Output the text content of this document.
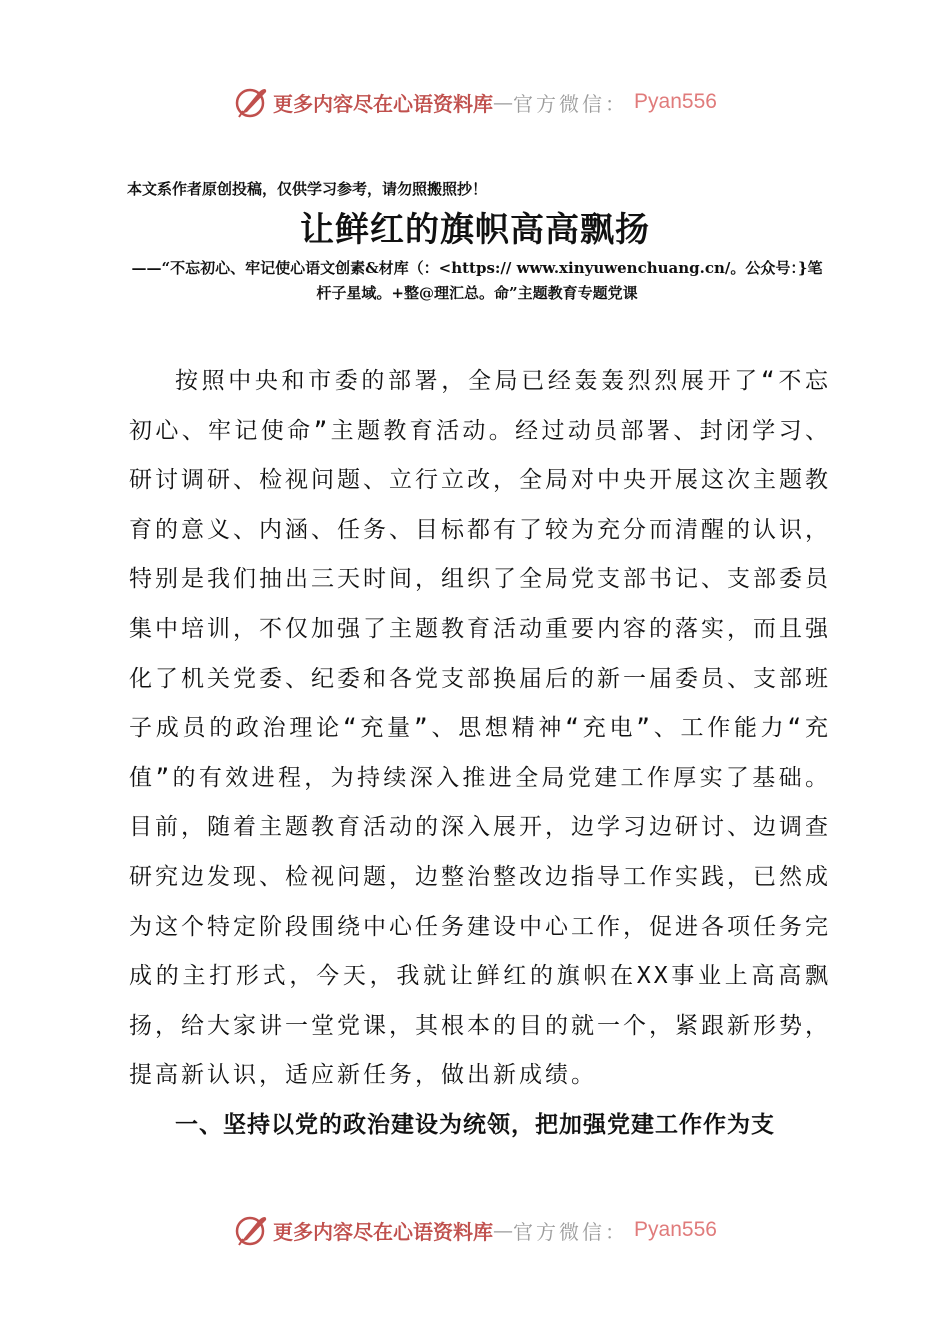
更多内容尽在心语资料库 — 官方微信： Pyan556
本文系作者原创投稿，仅供学习参考，请勿照搬照抄！
让鲜红的旗帜高高飘扬
——“不忘初心、牢记使心语文创素&材库（：<https:// www.xinyuwenchuang.cn/。公众号：}笔杆子星域。+整@理汇总。命”主题教育专题党课

按照中央和市委的部署，全局已经轰轰烈烈展开了“不忘初心、牢记使命”主题教育活动。经过动员部署、封闭学习、研讨调研、检视问题、立行立改，全局对中央开展这次主题教育的意义、内涵、任务、目标都有了较为充分而清醒的认识，特别是我们抽出三天时间，组织了全局党支部书记、支部委员集中培训，不仅加强了主题教育活动重要内容的落实，而且强化了机关党委、纪委和各党支部换届后的新一届委员、支部班子成员的政治理论“充量”、思想精神“充电”、工作能力“充值”的有效进程，为持续深入推进全局党建工作厚实了基础。目前，随着主题教育活动的深入展开，边学习边研讨、边调查研究边发现、检视问题，边整治整改边指导工作实践，已然成为这个特定阶段围绕中心任务建设中心工作，促进各项任务完成的主打形式，今天，我就让鲜红的旗帜在XX事业上高高飘扬，给大家讲一堂党课，其根本的目的就一个，紧跟新形势，提高新认识，适应新任务，做出新成绩。

一、坚持以党的政治建设为统领，把加强党建工作作为支

更多内容尽在心语资料库 — 官方微信： Pyan556
